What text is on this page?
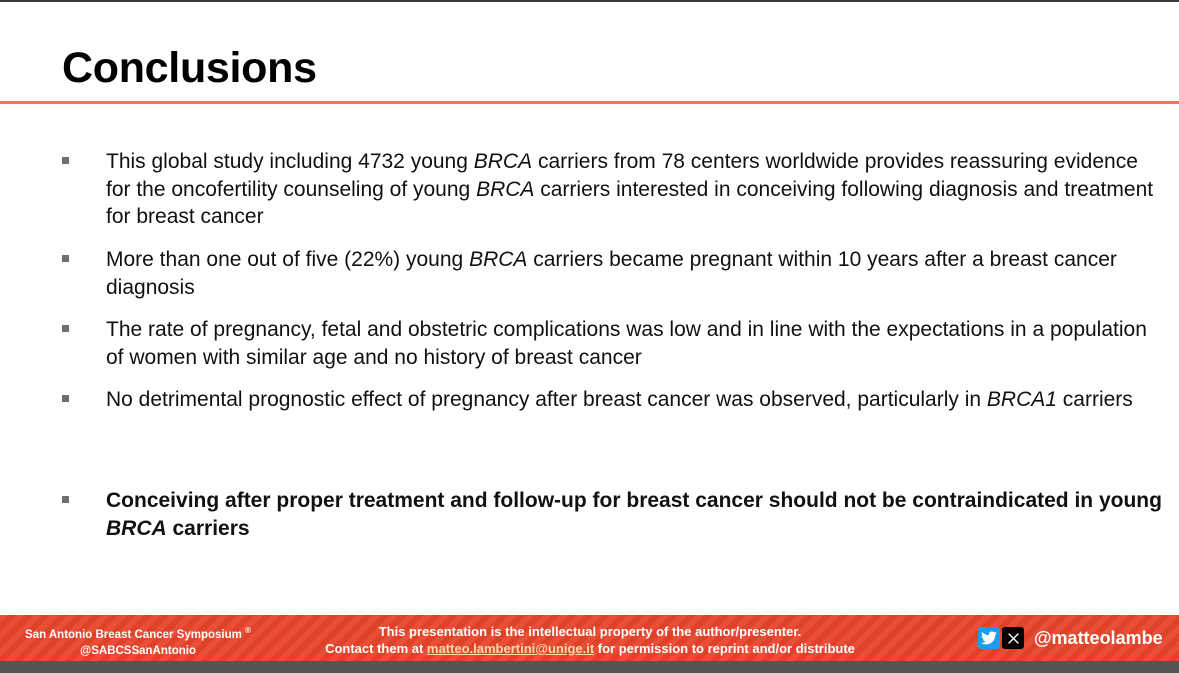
Conclusions
This global study including 4732 young BRCA carriers from 78 centers worldwide provides reassuring evidence for the oncofertility counseling of young BRCA carriers interested in conceiving following diagnosis and treatment for breast cancer
More than one out of five (22%) young BRCA carriers became pregnant within 10 years after a breast cancer diagnosis
The rate of pregnancy, fetal and obstetric complications was low and in line with the expectations in a population of women with similar age and no history of breast cancer
No detrimental prognostic effect of pregnancy after breast cancer was observed, particularly in BRCA1 carriers
Conceiving after proper treatment and follow-up for breast cancer should not be contraindicated in young BRCA carriers
San Antonio Breast Cancer Symposium ®
@SABCSSanAntonio
This presentation is the intellectual property of the author/presenter.
Contact them at matteo.lambertini@unige.it for permission to reprint and/or distribute
@matteolambe
